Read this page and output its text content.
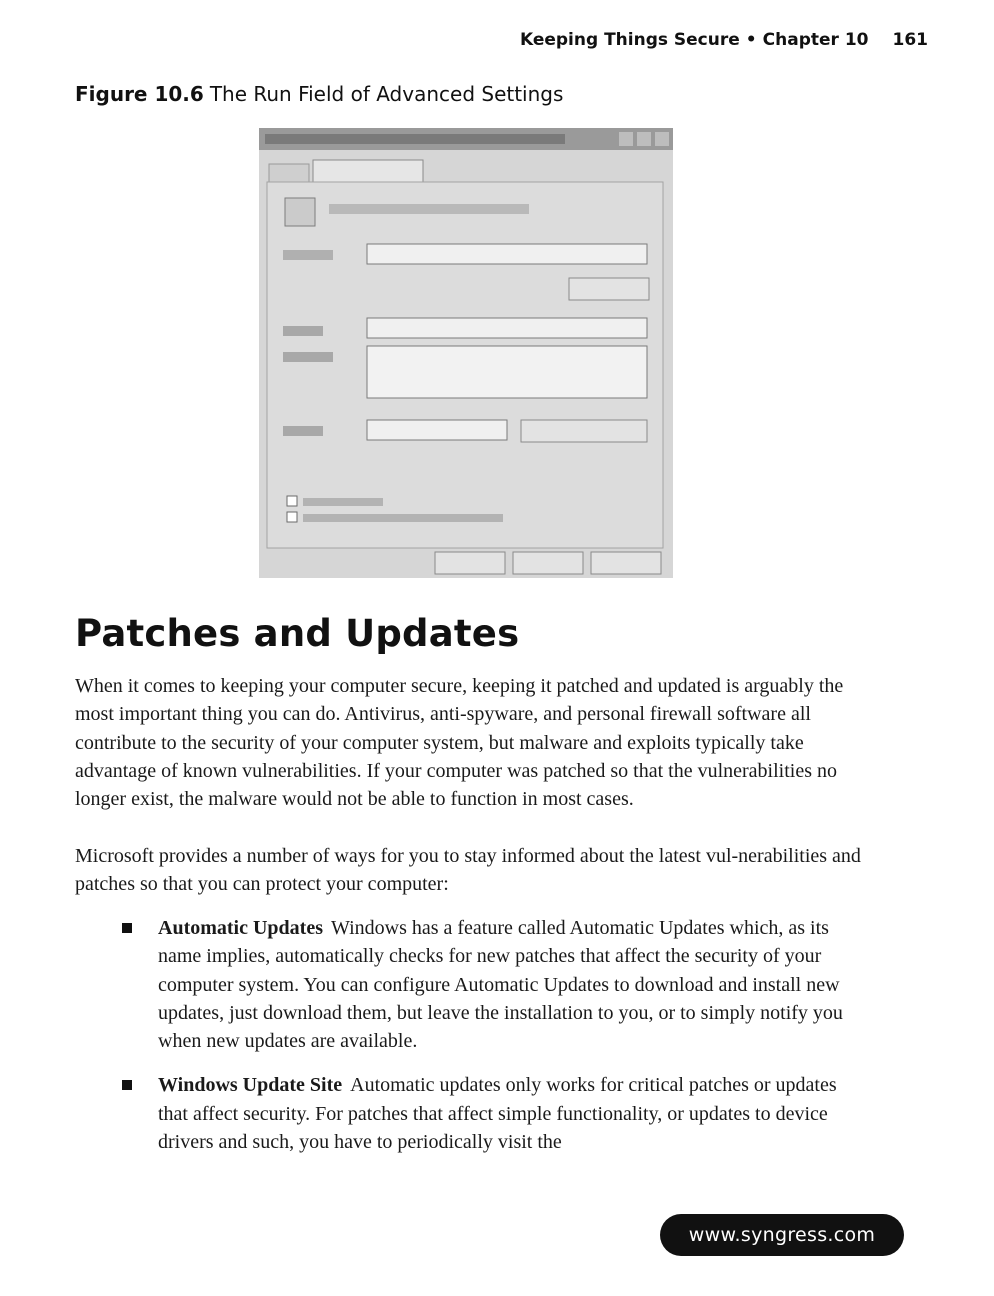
Keeping Things Secure • Chapter 10 161
Figure 10.6 The Run Field of Advanced Settings
Patches and Updates

When it comes to keeping your computer secure, keeping it patched and updated is arguably the most important thing you can do. Antivirus, anti-spyware, and personal firewall software all contribute to the security of your computer system, but malware and exploits typically take advantage of known vulnerabilities. If your computer was patched so that the vulnerabilities no longer exist, the malware would not be able to function in most cases.

Microsoft provides a number of ways for you to stay informed about the latest vul-nerabilities and patches so that you can protect your computer:

Automatic Updates Windows has a feature called Automatic Updates which, as its name implies, automatically checks for new patches that affect the security of your computer system. You can configure Automatic Updates to download and install new updates, just download them, but leave the installation to you, or to simply notify you when new updates are available.
Windows Update Site Automatic updates only works for critical patches or updates that affect security. For patches that affect simple functionality, or updates to device drivers and such, you have to periodically visit the
www.syngress.com
